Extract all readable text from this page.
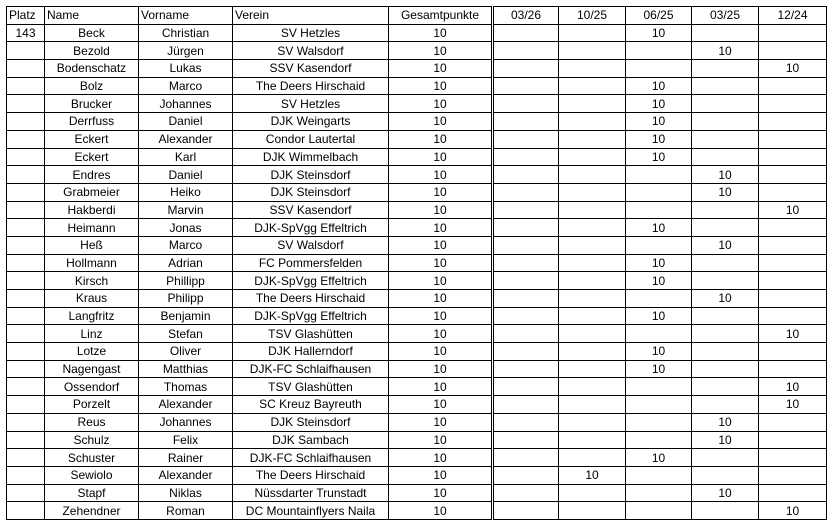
Platz	Name	Vorname	Verein	Gesamtpunkte	03/26	10/25	06/25	03/25	12/24
143	Beck	Christian	SV Hetzles	10			10		
	Bezold	Jürgen	SV Walsdorf	10				10	
	Bodenschatz	Lukas	SSV Kasendorf	10					10
	Bolz	Marco	The Deers Hirschaid	10			10		
	Brucker	Johannes	SV Hetzles	10			10		
	Derrfuss	Daniel	DJK Weingarts	10			10		
	Eckert	Alexander	Condor Lautertal	10			10		
	Eckert	Karl	DJK Wimmelbach	10			10		
	Endres	Daniel	DJK Steinsdorf	10				10	
	Grabmeier	Heiko	DJK Steinsdorf	10				10	
	Hakberdi	Marvin	SSV Kasendorf	10					10
	Heimann	Jonas	DJK-SpVgg Effeltrich	10			10		
	Heß	Marco	SV Walsdorf	10				10	
	Hollmann	Adrian	FC Pommersfelden	10			10		
	Kirsch	Phillipp	DJK-SpVgg Effeltrich	10			10		
	Kraus	Philipp	The Deers Hirschaid	10				10	
	Langfritz	Benjamin	DJK-SpVgg Effeltrich	10			10		
	Linz	Stefan	TSV Glashütten	10					10
	Lotze	Oliver	DJK Hallerndorf	10			10		
	Nagengast	Matthias	DJK-FC Schlaifhausen	10			10		
	Ossendorf	Thomas	TSV Glashütten	10					10
	Porzelt	Alexander	SC Kreuz Bayreuth	10					10
	Reus	Johannes	DJK Steinsdorf	10				10	
	Schulz	Felix	DJK Sambach	10				10	
	Schuster	Rainer	DJK-FC Schlaifhausen	10			10		
	Sewiolo	Alexander	The Deers Hirschaid	10		10			
	Stapf	Niklas	Nüssdarter Trunstadt	10				10	
	Zehendner	Roman	DC Mountainflyers Naila	10					10
